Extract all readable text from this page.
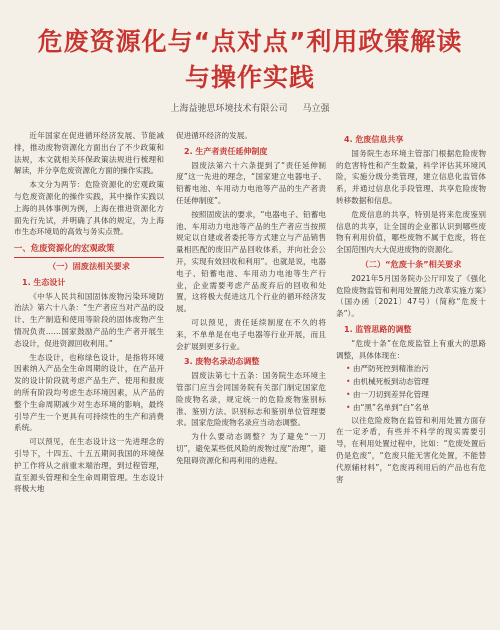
危废资源化与“点对点”利用政策解读
与操作实践
上海益驰思环境技术有限公司 马立强

近年国家在促进循环经济发展、节能减排，推动废物资源化方面出台了不少政策和法规，本文就相关环保政策法规进行梳理和解读，并分享危废资源化方面的操作实践。

本文分为两节：危险资源化的宏观政策与危废资源化的操作实践，其中操作实践以上海的具体事例为例，上海在推进资源化方面先行先试，并明确了具体的规定，为上海市生态环境局的高效与务实点赞。

一、危废资源化的宏观政策
（一）固废法相关要求
1. 生态设计

《中华人民共和国固体废物污染环境防治法》第六十八条：“生产者应当对产品的设计、生产制造和使用等阶段的固体废物产生情况负责……国家鼓励产品的生产者开展生态设计，促进资源回收利用。”

生态设计，也称绿色设计，是指将环境因素纳入产品全生命周期的设计，在产品开发的设计阶段就考虑产品生产、使用和报废的所有阶段均考虑生态环境因素，从产品的整个生命周期减少对生态环境的影响，最终引导产生一个更具有可持续性的生产和消费系统。

可以预见，在生态设计这一先进理念的引导下，十四五、十五五期间我国的环境保护工作将从之前重末端治理，到过程管理，直至源头管理和全生命周期管理。生态设计将极大地

促进循环经济的发展。

2. 生产者责任延伸制度

固废法第六十六条提到了“责任延伸制度”这一先进的理念，“国家建立电器电子、铅蓄电池、车用动力电池等产品的生产者责任延伸制度”。

按照固废法的要求，“电器电子、铅蓄电池、车用动力电池等产品的生产者应当按照规定以自建或者委托等方式建立与产品销售量相匹配的废旧产品回收体系，并向社会公开，实现有效回收和利用”。也就是说，电器电子、铅蓄电池、车用动力电池等生产行业，企业需要考虑产品废弃后的回收和处置，这将极大促进这几个行业的循环经济发展。

可以预见，责任延续制度在不久的将来，不单单是在电子电器等行业开展，而且会扩展到更多行业。

3. 废物名录动态调整

固废法第七十五条：国务院生态环境主管部门应当会同国务院有关部门制定国家危险废物名录，规定统一的危险废物鉴别标准、鉴别方法、识别标志和鉴别单位管理要求。国家危险废物名录应当动态调整。

为什么要动态调整？为了避免“一刀切”，避免某些低风险的废物过度“治理”，避免阻碍资源化和再利用的进程。

4. 危废信息共享

国务院生态环境主管部门根据危险废物的危害特性和产生数量，科学评估其环境风险，实施分级分类管理，建立信息化监管体系，并通过信息化手段管理、共享危险废物转移数据和信息。

危废信息的共享，特别是将来危废鉴别信息的共享，让全国的企业都认识到哪些废物有利用价值，哪些废物不属于危废，将在全国范围内大大促进废物的资源化。

（二）“危废十条”相关要求

2021年5月国务院办公厅印发了《强化危险废物监管和利用处置能力改革实施方案》（国办函〔2021〕47号）（简称“危废十条”）。

1. 监管思路的调整

“危废十条”在危废监管上有重大的思路调整，具体体现在：

• 由严防死控到精准治污
• 由机械死板到动态管理
• 由一刀切到差异化管理
• 由“黑”名单到“白”名单

以往危险废物在监管和利用处置方面存在一定矛盾，有些并不科学的现实需要引导，在利用处置过程中，比如：“危废处置后仍是危废”，“危废只能无害化处置，不能替代原辅材料”，“危废再利用后的产品也有危害
